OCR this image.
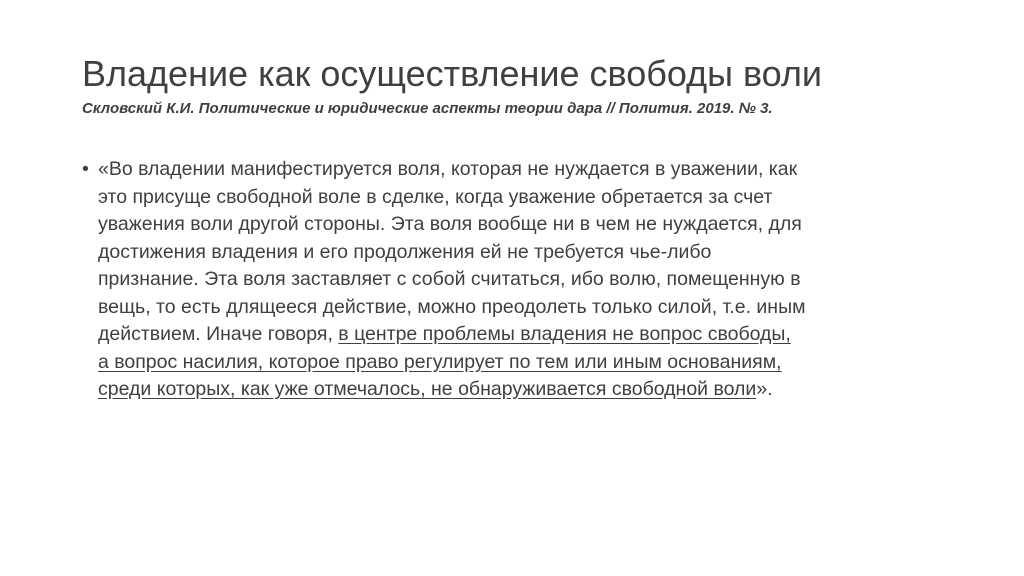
Владение как осуществление свободы воли
Скловский К.И. Политические и юридические аспекты теории дара // Полития. 2019. № 3.
• «Во владении манифестируется воля, которая не нуждается в уважении, как
это присуще свободной воле в сделке, когда уважение обретается за счет
уважения воли другой стороны. Эта воля вообще ни в чем не нуждается, для
достижения владения и его продолжения ей не требуется чье-либо
признание. Эта воля заставляет с собой считаться, ибо волю, помещенную в
вещь, то есть длящееся действие, можно преодолеть только силой, т.е. иным
действием. Иначе говоря, в центре проблемы владения не вопрос свободы,
а вопрос насилия, которое право регулирует по тем или иным основаниям,
среди которых, как уже отмечалось, не обнаруживается свободной воли».
